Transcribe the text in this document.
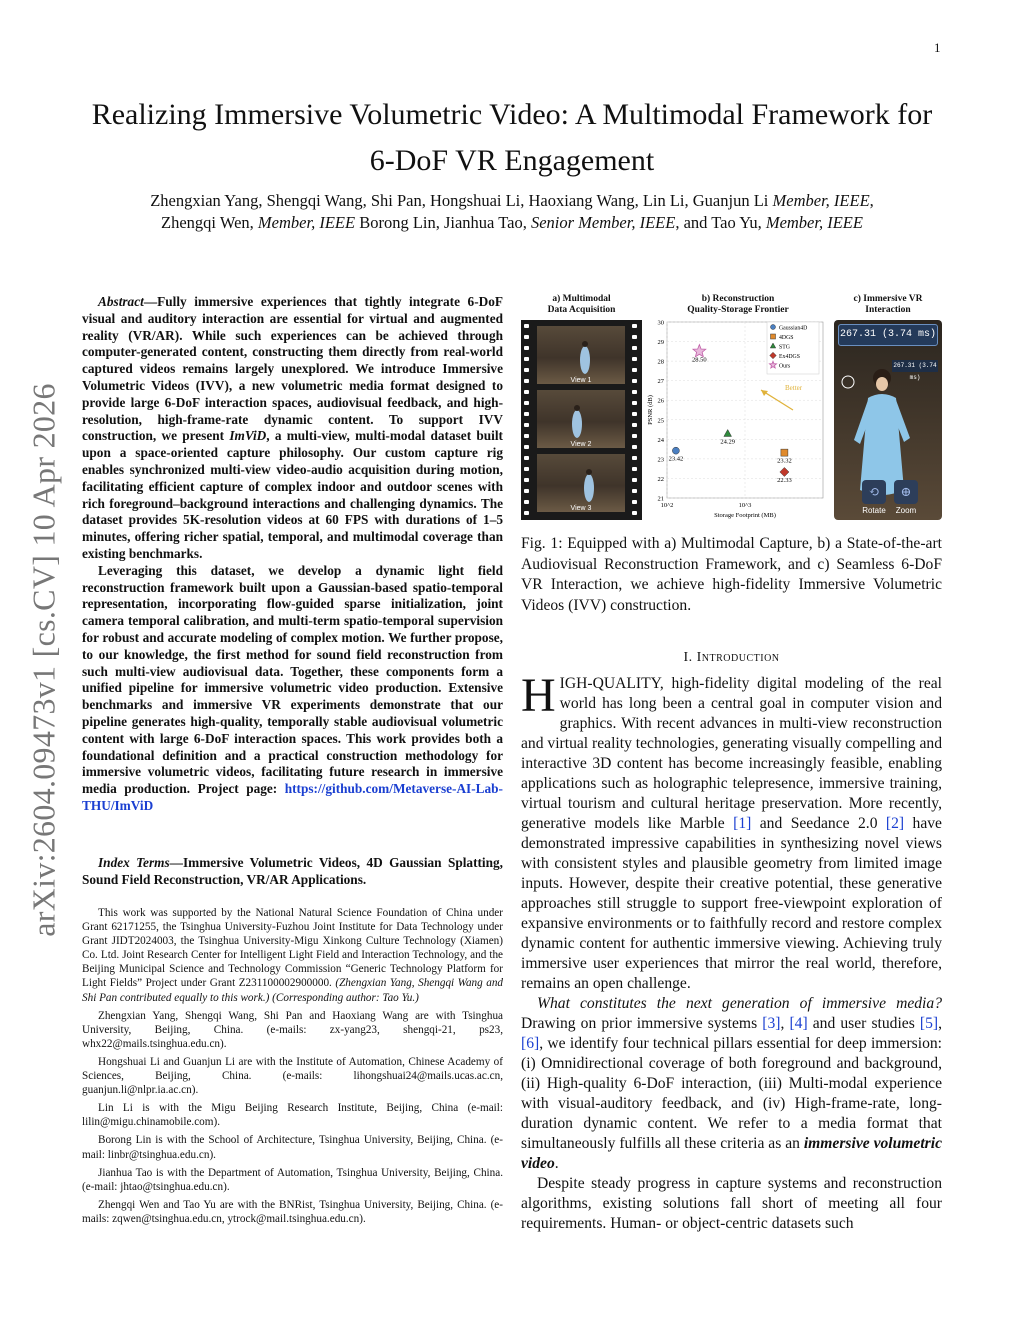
1
Realizing Immersive Volumetric Video: A Multimodal Framework for
6-DoF VR Engagement
Zhengxian Yang, Shengqi Wang, Shi Pan, Hongshuai Li, Haoxiang Wang, Lin Li, Guanjun Li Member, IEEE,
Zhengqi Wen, Member, IEEE Borong Lin, Jianhua Tao, Senior Member, IEEE, and Tao Yu, Member, IEEE
arXiv:2604.09473v1 [cs.CV] 10 Apr 2026

Abstract—Fully immersive experiences that tightly integrate 6-DoF visual and auditory interaction are essential for virtual and augmented reality (VR/AR). While such experiences can be achieved through computer-generated content, constructing them directly from real-world captured videos remains largely unexplored. We introduce Immersive Volumetric Videos (IVV), a new volumetric media format designed to provide large 6-DoF interaction spaces, audiovisual feedback, and high-resolution, high-frame-rate dynamic content. To support IVV construction, we present ImViD, a multi-view, multi-modal dataset built upon a space-oriented capture philosophy. Our custom capture rig enables synchronized multi-view video-audio acquisition during motion, facilitating efficient capture of complex indoor and outdoor scenes with rich foreground–background interactions and challenging dynamics. The dataset provides 5K-resolution videos at 60 FPS with durations of 1–5 minutes, offering richer spatial, temporal, and multimodal coverage than existing benchmarks.

Leveraging this dataset, we develop a dynamic light field reconstruction framework built upon a Gaussian-based spatio-temporal representation, incorporating flow-guided sparse initialization, joint camera temporal calibration, and multi-term spatio-temporal supervision for robust and accurate modeling of complex motion. We further propose, to our knowledge, the first method for sound field reconstruction from such multi-view audiovisual data. Together, these components form a unified pipeline for immersive volumetric video production. Extensive benchmarks and immersive VR experiments demonstrate that our pipeline generates high-quality, temporally stable audiovisual volumetric content with large 6-DoF interaction spaces. This work provides both a foundational definition and a practical construction methodology for immersive volumetric videos, facilitating future research in immersive media production. Project page: https://github.com/Metaverse-AI-Lab-THU/ImViD

Index Terms—Immersive Volumetric Videos, 4D Gaussian Splatting, Sound Field Reconstruction, VR/AR Applications.

This work was supported by the National Natural Science Foundation of China under Grant 62171255, the Tsinghua University-Fuzhou Joint Institute for Data Technology under Grant JIDT2024003, the Tsinghua University-Migu Xinkong Culture Technology (Xiamen) Co. Ltd. Joint Research Center for Intelligent Light Field and Interaction Technology, and the Beijing Municipal Science and Technology Commission “Generic Technology Platform for Light Fields” Project under Grant Z231100002900000. (Zhengxian Yang, Shengqi Wang and Shi Pan contributed equally to this work.) (Corresponding author: Tao Yu.)

Zhengxian Yang, Shengqi Wang, Shi Pan and Haoxiang Wang are with Tsinghua University, Beijing, China. (e-mails: zx-yang23, shengqi-21, ps23, whx22@mails.tsinghua.edu.cn).

Hongshuai Li and Guanjun Li are with the Institute of Automation, Chinese Academy of Sciences, Beijing, China. (e-mails: lihongshuai24@mails.ucas.ac.cn, guanjun.li@nlpr.ia.ac.cn).

Lin Li is with the Migu Beijing Research Institute, Beijing, China (e-mail: lilin@migu.chinamobile.com).

Borong Lin is with the School of Architecture, Tsinghua University, Beijing, China. (e-mail: linbr@tsinghua.edu.cn).

Jianhua Tao is with the Department of Automation, Tsinghua University, Beijing, China. (e-mail: jhtao@tsinghua.edu.cn).

Zhengqi Wen and Tao Yu are with the BNRist, Tsinghua University, Beijing, China. (e-mails: zqwen@tsinghua.edu.cn, ytrock@mail.tsinghua.edu.cn).

a) Multimodal
Data Acquisition
View 1
View 2
View 3
b) Reconstruction
Quality-Storage Frontier
21
22
23
24
25
26
27
28
29
30
10^2	10^3
Storage Footprint (MB)
PSNR (dB)
23.42	23.32
24.29
22.33
28.50
Gaussian4D
4DGS
STG
Ex4DGS
Ours
Better
c) Immersive VR
Interaction
267.31 (3.74 ms)
267.31 (3.74 ms)
⟲	⊕
Rotate	Zoom
Fig. 1: Equipped with a) Multimodal Capture, b) a State-of-the-art Audiovisual Reconstruction Framework, and c) Seamless 6-DoF VR Interaction, we achieve high-fidelity Immersive Volumetric Videos (IVV) construction.
I. Introduction

HIGH-QUALITY, high-fidelity digital modeling of the real world has long been a central goal in computer vision and graphics. With recent advances in multi-view reconstruction and virtual reality technologies, generating visually compelling and interactive 3D content has become increasingly feasible, enabling applications such as holographic telepresence, immersive training, virtual tourism and cultural heritage preservation. More recently, generative models like Marble [1] and Seedance 2.0 [2] have demonstrated impressive capabilities in synthesizing novel views with consistent styles and plausible geometry from limited image inputs. However, despite their creative potential, these generative approaches still struggle to support free-viewpoint exploration of expansive environments or to faithfully record and restore complex dynamic content for authentic immersive viewing. Achieving truly immersive user experiences that mirror the real world, therefore, remains an open challenge.

What constitutes the next generation of immersive media? Drawing on prior immersive systems [3], [4] and user studies [5], [6], we identify four technical pillars essential for deep immersion: (i) Omnidirectional coverage of both foreground and background, (ii) High-quality 6-DoF interaction, (iii) Multi-modal experience with visual-auditory feedback, and (iv) High-frame-rate, long-duration dynamic content. We refer to a media format that simultaneously fulfills all these criteria as an immersive volumetric video.

Despite steady progress in capture systems and reconstruction algorithms, existing solutions fall short of meeting all four requirements. Human- or object-centric datasets such
